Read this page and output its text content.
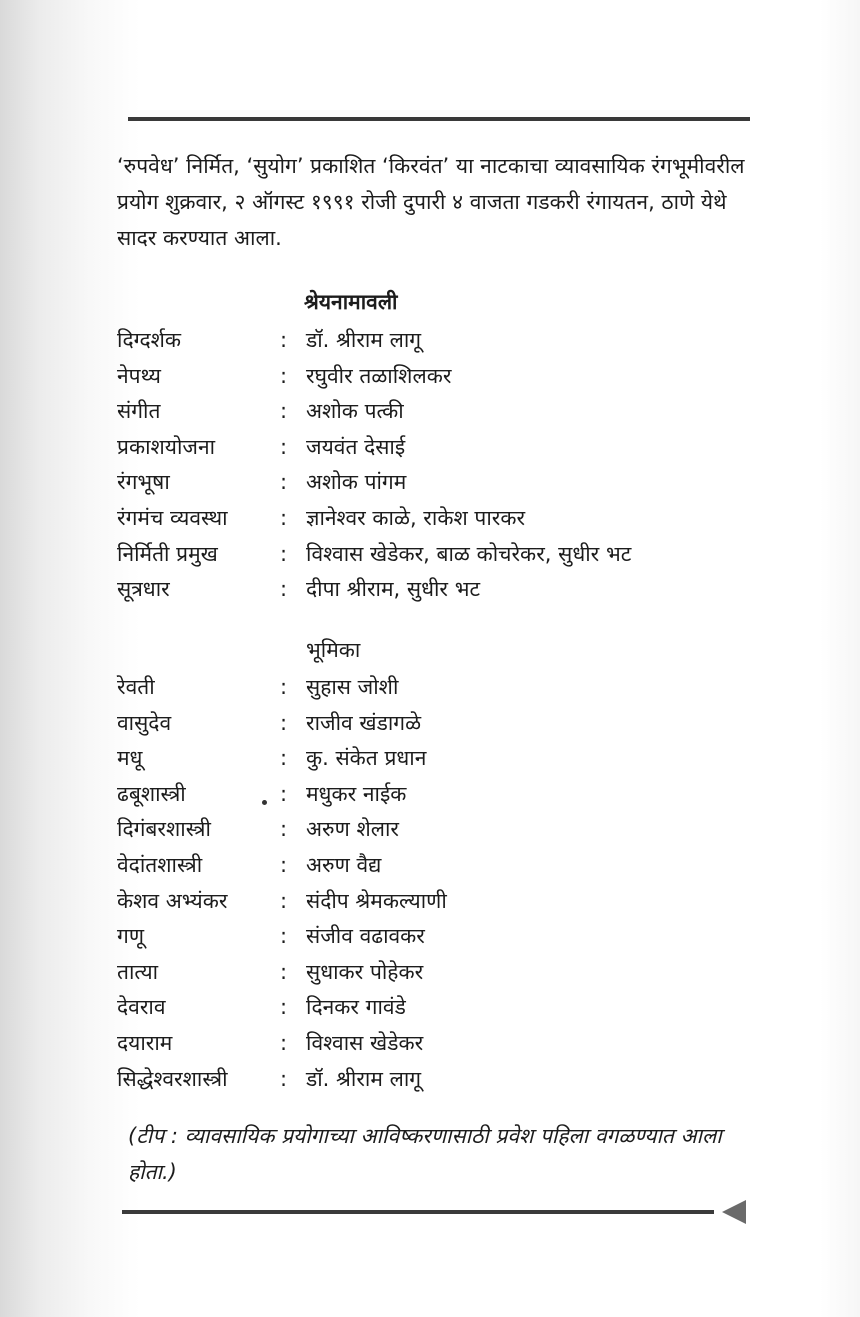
‘रुपवेध’ निर्मित, ‘सुयोग’ प्रकाशित ‘किरवंत’ या नाटकाचा व्यावसायिक रंगभूमीवरील प्रयोग शुक्रवार, २ ऑगस्ट १९९१ रोजी दुपारी ४ वाजता गडकरी रंगायतन, ठाणे येथे सादर करण्यात आला.

श्रेयनामावली
दिग्दर्शक	: डॉ. श्रीराम लागू
नेपथ्य	: रघुवीर तळाशिलकर
संगीत	: अशोक पत्की
प्रकाशयोजना	: जयवंत देसाई
रंगभूषा	: अशोक पांगम
रंगमंच व्यवस्था	: ज्ञानेश्वर काळे, राकेश पारकर
निर्मिती प्रमुख	: विश्वास खेडेकर, बाळ कोचरेकर, सुधीर भट
सूत्रधार	: दीपा श्रीराम, सुधीर भट
भूमिका
रेवती	: सुहास जोशी
वासुदेव	: राजीव खंडागळे
मधू	: कु. संकेत प्रधान
ढबूशास्त्री	: मधुकर नाईक
दिगंबरशास्त्री	: अरुण शेलार
वेदांतशास्त्री	: अरुण वैद्य
केशव अभ्यंकर	: संदीप श्रेमकल्याणी
गणू	: संजीव वढावकर
तात्या	: सुधाकर पोहेकर
देवराव	: दिनकर गावंडे
दयाराम	: विश्वास खेडेकर
सिद्धेश्वरशास्त्री	: डॉ. श्रीराम लागू

(टीप : व्यावसायिक प्रयोगाच्या आविष्करणासाठी प्रवेश पहिला वगळण्यात आला होता.)
